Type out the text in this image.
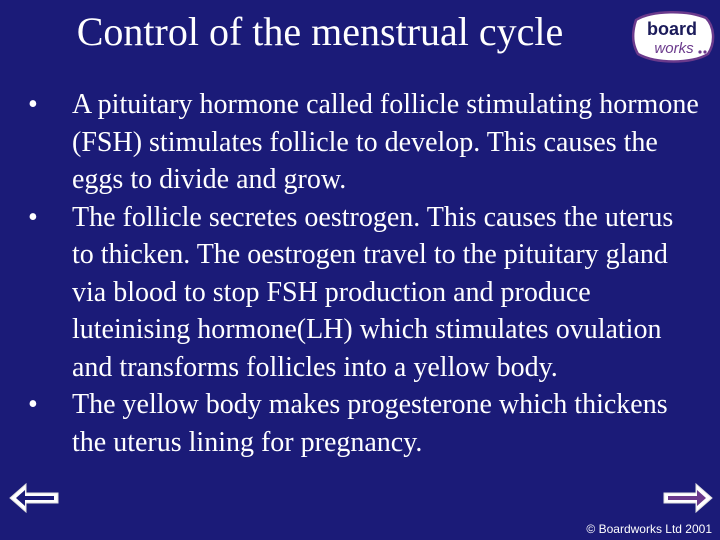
Control of the menstrual cycle	board
works
• A pituitary hormone called follicle stimulating hormone (FSH) stimulates follicle to develop. This causes the eggs to divide and grow.
• The follicle secretes oestrogen. This causes the uterus to thicken. The oestrogen travel to the pituitary gland via blood to stop FSH production and produce luteinising hormone(LH) which stimulates ovulation and transforms follicles into a yellow body.
• The yellow body makes progesterone which thickens the uterus lining for pregnancy.
© Boardworks Ltd 2001
